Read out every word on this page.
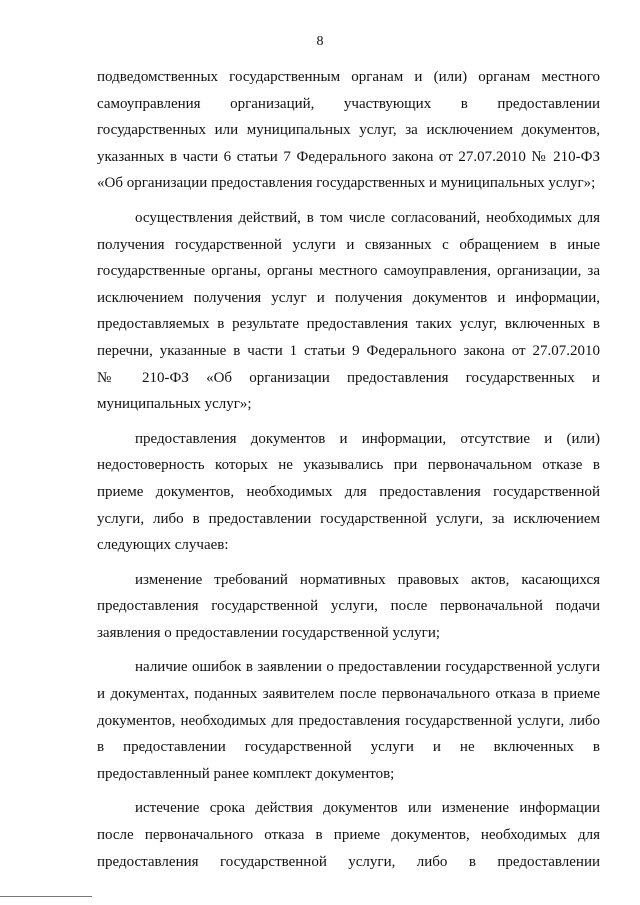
8
подведомственных государственным органам и (или) органам местного
самоуправления организаций, участвующих в предоставлении
государственных или муниципальных услуг, за исключением документов,
указанных в части 6 статьи 7 Федерального закона от 27.07.2010 № 210-ФЗ
«Об организации предоставления государственных и муниципальных услуг»;
осуществления действий, в том числе согласований, необходимых для
получения государственной услуги и связанных с обращением в иные
государственные органы, органы местного самоуправления, организации, за
исключением получения услуг и получения документов и информации,
предоставляемых в результате предоставления таких услуг, включенных в
перечни, указанные в части 1 статьи 9 Федерального закона от 27.07.2010
№ 210-ФЗ «Об организации предоставления государственных и
муниципальных услуг»;
предоставления документов и информации, отсутствие и (или)
недостоверность которых не указывались при первоначальном отказе в
приеме документов, необходимых для предоставления государственной
услуги, либо в предоставлении государственной услуги, за исключением
следующих случаев:
изменение требований нормативных правовых актов, касающихся
предоставления государственной услуги, после первоначальной подачи
заявления о предоставлении государственной услуги;
наличие ошибок в заявлении о предоставлении государственной услуги
и документах, поданных заявителем после первоначального отказа в приеме
документов, необходимых для предоставления государственной услуги, либо
в предоставлении государственной услуги и не включенных в
предоставленный ранее комплект документов;
истечение срока действия документов или изменение информации
после первоначального отказа в приеме документов, необходимых для
предоставления государственной услуги, либо в предоставлении
